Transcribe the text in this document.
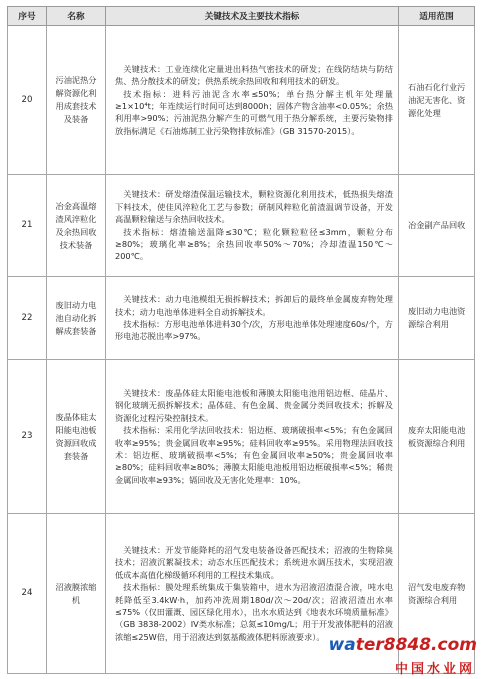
序号	名称	关键技术及主要技术指标	适用范围
20	污油泥热分解资源化利用成套技术及装备	关键技术：工业连续化定量进出料热气密技术的研发；在线防结块与防结焦、热分散技术的研发；供热系统余热回收和利用技术的研发。
技术指标：进料污油泥含水率≤50%；单台热分解主机年处理量≥1×10⁴t；年连续运行时间可达到8000h；固体产物含油率<0.05%；余热利用率>90%；污油泥热分解产生的可燃气用于热分解系统，主要污染物排放指标满足《石油炼制工业污染物排放标准》（GB 31570-2015）。	石油石化行业污油泥无害化、资源化处理
21	冶金高温熔渣风淬粒化及余热回收技术装备	关键技术：研发熔渣保温运输技术，颗粒资源化利用技术，低热损失熔渣下料技术，使佳风淬粒化工艺与参数；研制风粹粒化前渣温调节设备，开发高温颗粒输送与余热回收技术。
技术指标：熔渣输送温降≤30℃；粒化颗粒粒径≤3mm，颗粒分布≥80%；玻璃化率≥8%；余热回收率50%～70%；冷却渣温150℃～200℃。	冶金副产品回收
22	废旧动力电池自动化拆解成套装备	关键技术：动力电池模组无损拆解技术；拆卸后的最终单金属废弃物处理技术；动力电池单体进料全自动拆解技术。
技术指标：方形电池单体进料30个/次，方形电池单体处理速度60s/个，方形电池芯脱出率>97%。	废旧动力电池资源综合利用
23	废晶体硅太阳能电池板资源回收成套装备	关键技术：废晶体硅太阳能电池板和薄膜太阳能电池用铝边框、硅晶片、钢化玻璃无损拆解技术；晶体硅、有色金属、贵金属分类回收技术；拆解及资源化过程污染控制技术。
技术指标：采用化学法回收技术：铝边框、玻璃破损率<5%；有色金属回收率≥95%；贵金属回收率≥95%；硅料回收率≥95%。采用物理法回收技术：铝边框、玻璃破损率<5%；有色金属回收率≥50%；贵金属回收率≥80%；硅料回收率≥80%；薄膜太阳能电池板用铝边框破损率<5%；稀贵金属回收率≥93%；镉回收及无害化处理率：10%。	废弃太阳能电池板资源综合利用
24	沼液膜浓缩机	关键技术：开发节能降耗的沼气发电装备设备匹配技术；沼液的生物除臭技术；沼液沉絮凝技术；动态水压匹配技术；系统进水调压技术，实现沼液低成本高值化梯级循环利用的工程技术集成。
技术指标：膜处理系统集成于集装箱中，进水为沼液沼渣混合液，吨水电耗降低至3.4kW·h，加药冲洗周期180d/次～20d/次；沼液沼渣出水率≤75%（仅田灌溉、园区绿化用水），出水水质达到《地表水环境质量标准》（GB 3838-2002）IV类水标准；总氮≤10mg/L；用于开发液体肥料的沼液浓缩≤25W倍，用于沼液达到氨基酸液体肥料原液要求）。	沼气发电废弃物资源综合利用
water8848.com
中国水业网
